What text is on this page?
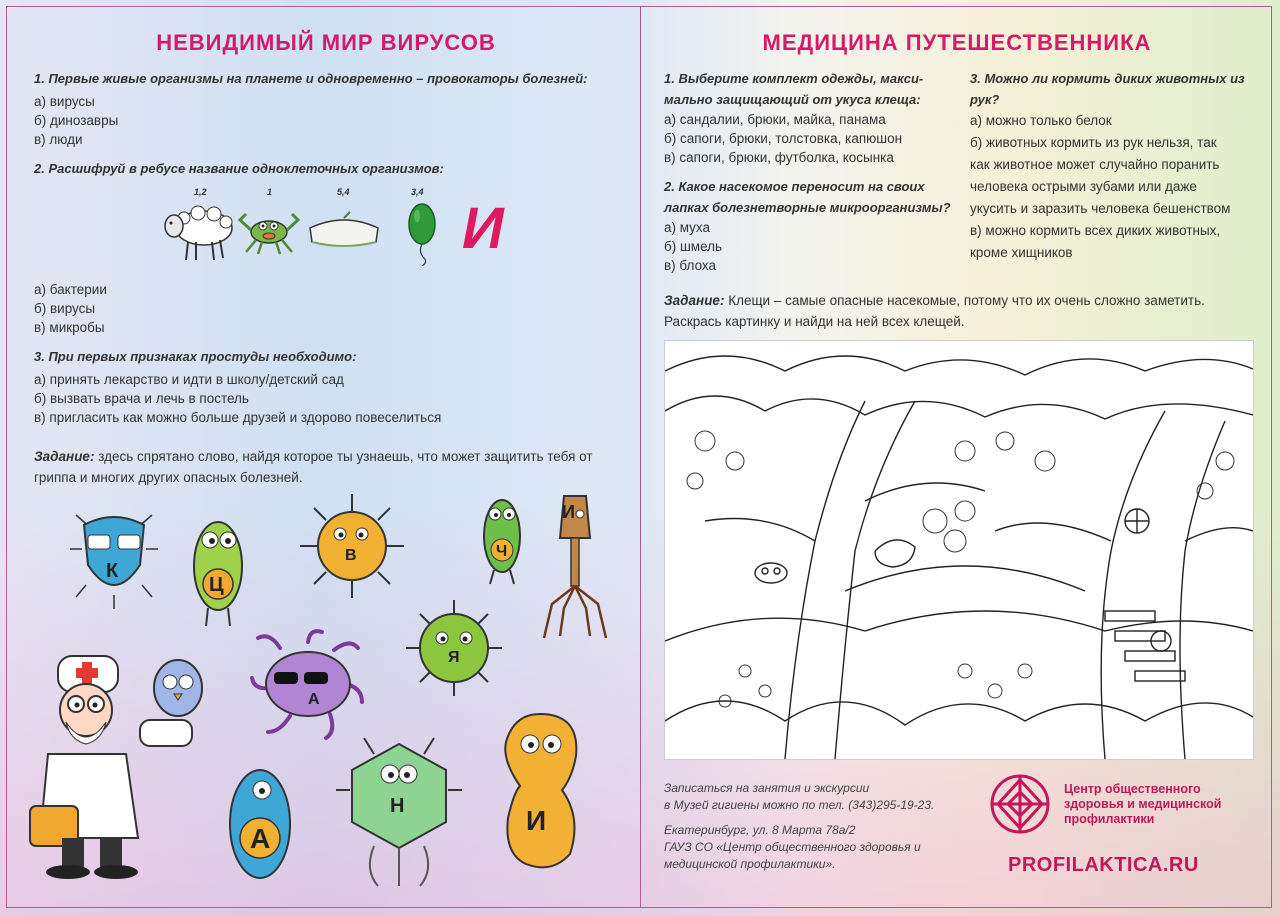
НЕВИДИМЫЙ МИР ВИРУСОВ
1. Первые живые организмы на планете и одновременно – провокаторы болезней:
а) вирусы
б) динозавры
в) люди
2. Расшифруй в ребусе название одноклеточных организмов:
1,2	1	5,4	3,4
И
а) бактерии
б) вирусы
в) микробы
3. При первых признаках простуды необходимо:
а) принять лекарство и идти в школу/детский сад
б) вызвать врача и лечь в постель
в) пригласить как можно больше друзей и здорово повеселиться
Задание: здесь спрятано слово, найдя которое ты узнаешь, что может защитить тебя от
гриппа и многих других опасных болезней.
К
Ц
В	Ч
И
Я
А
А
Н	И
МЕДИЦИНА ПУТЕШЕСТВЕННИКА
1. Выберите комплект одежды, макси-
мально защищающий от укуса клеща:
а) сандалии, брюки, майка, панама
б) сапоги, брюки, толстовка, капюшон
в) сапоги, брюки, футболка, косынка
2. Какое насекомое переносит на своих
лапках болезнетворные микроорганизмы?
а) муха
б) шмель
в) блоха
3. Можно ли кормить диких животных из
рук?
а) можно только белок
б) животных кормить из рук нельзя, так
как животное может случайно поранить
человека острыми зубами или даже
укусить и заразить человека бешенством
в) можно кормить всех диких животных,
кроме хищников
Задание: Клещи – самые опасные насекомые, потому что их очень сложно заметить.
Раскрась картинку и найди на ней всех клещей.
Записаться на занятия и экскурсии
в Музей гигиены можно по тел. (343)295-19-23.
Екатеринбург, ул. 8 Марта 78а/2
ГАУЗ СО «Центр общественного здоровья и
медицинской профилактики».
Центр общественного
здоровья и медицинской
профилактики
PROFILAKTICA.RU
